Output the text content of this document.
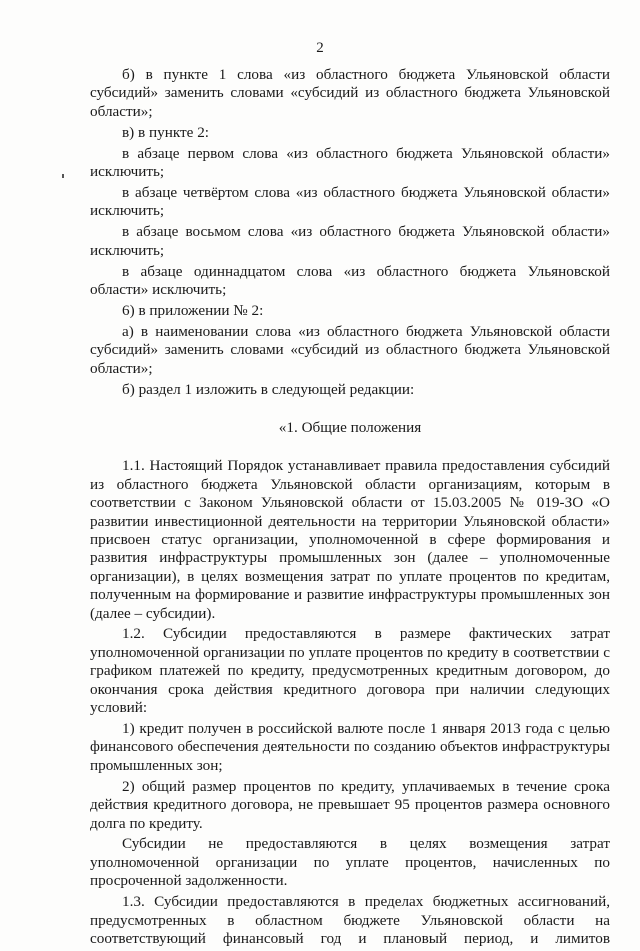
2

б) в пункте 1 слова «из областного бюджета Ульяновской области субсидий» заменить словами «субсидий из областного бюджета Ульяновской области»;

в) в пункте 2:

в абзаце первом слова «из областного бюджета Ульяновской области» исключить;

в абзаце четвёртом слова «из областного бюджета Ульяновской области» исключить;

в абзаце восьмом слова «из областного бюджета Ульяновской области» исключить;

в абзаце одиннадцатом слова «из областного бюджета Ульяновской области» исключить;

6) в приложении № 2:

а) в наименовании слова «из областного бюджета Ульяновской области субсидий» заменить словами «субсидий из областного бюджета Ульяновской области»;

б) раздел 1 изложить в следующей редакции:

«1. Общие положения

1.1. Настоящий Порядок устанавливает правила предоставления субсидий из областного бюджета Ульяновской области организациям, которым в соответствии с Законом Ульяновской области от 15.03.2005 № 019-ЗО «О развитии инвестиционной деятельности на территории Ульяновской области» присвоен статус организации, уполномоченной в сфере формирования и развития инфраструктуры промышленных зон (далее – уполномоченные организации), в целях возмещения затрат по уплате процентов по кредитам, полученным на формирование и развитие инфраструктуры промышленных зон (далее – субсидии).

1.2. Субсидии предоставляются в размере фактических затрат уполномоченной организации по уплате процентов по кредиту в соответствии с графиком платежей по кредиту, предусмотренных кредитным договором, до окончания срока действия кредитного договора при наличии следующих условий:

1) кредит получен в российской валюте после 1 января 2013 года с целью финансового обеспечения деятельности по созданию объектов инфраструктуры промышленных зон;

2) общий размер процентов по кредиту, уплачиваемых в течение срока действия кредитного договора, не превышает 95 процентов размера основного долга по кредиту.

Субсидии не предоставляются в целях возмещения затрат уполномоченной организации по уплате процентов, начисленных по просроченной задолженности.

1.3. Субсидии предоставляются в пределах бюджетных ассигнований, предусмотренных в областном бюджете Ульяновской области на соответствующий финансовый год и плановый период, и лимитов
